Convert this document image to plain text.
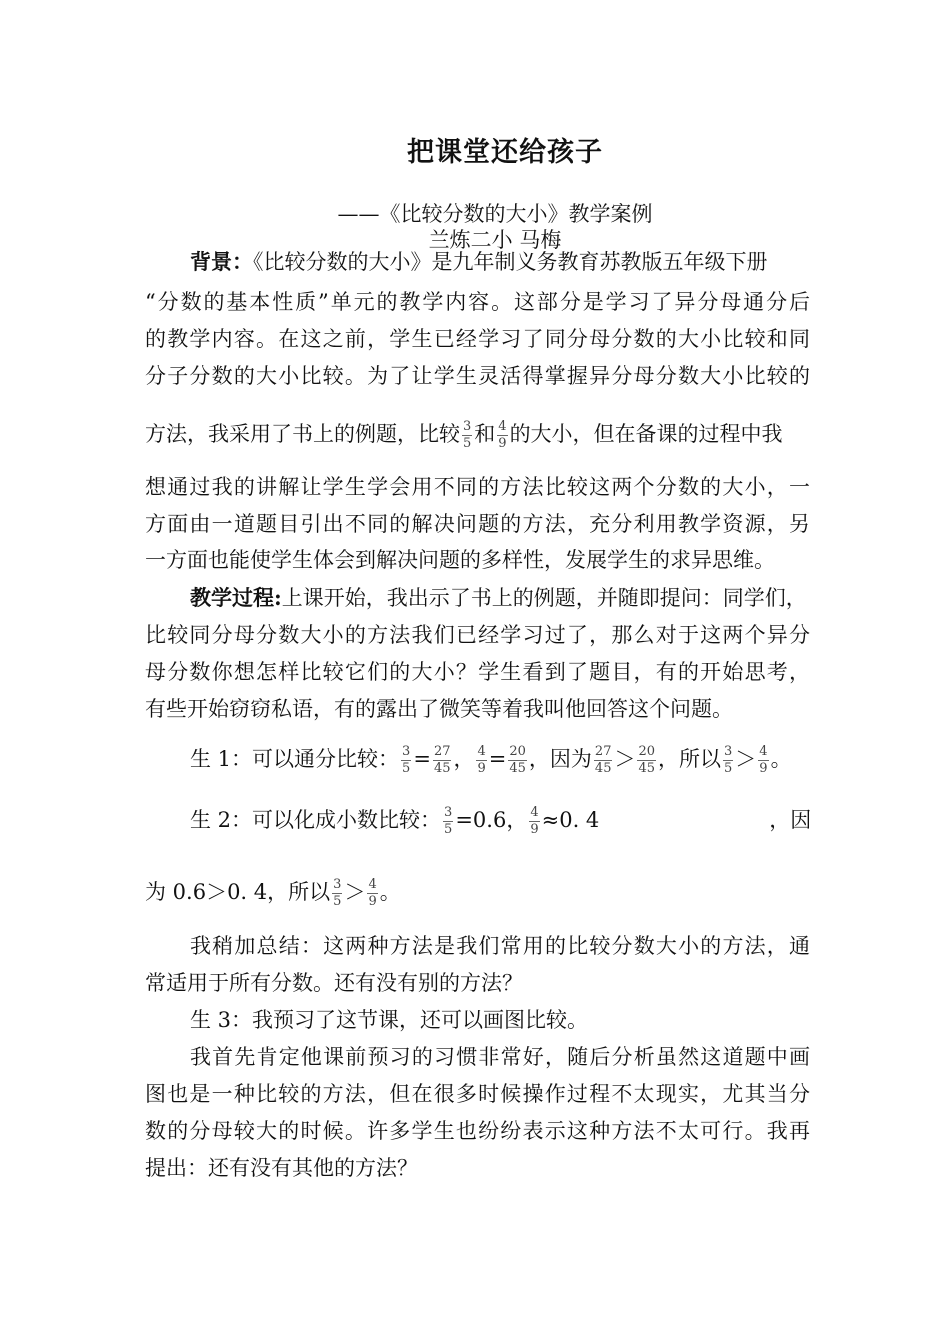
把课堂还给孩子
——《比较分数的大小》教学案例
兰炼二小 马梅
背景：《比较分数的大小》是九年制义务教育苏教版五年级下册
“分数的基本性质”单元的教学内容。这部分是学习了异分母通分后
的教学内容。在这之前，学生已经学习了同分母分数的大小比较和同
分子分数的大小比较。为了让学生灵活得掌握异分母分数大小比较的
方法，我采用了书上的例题，比较 $\frac{3}{5}$ 和 $\frac{4}{9}$ 的大小，但在备课的过程中我
想通过我的讲解让学生学会用不同的方法比较这两个分数的大小，一
方面由一道题目引出不同的解决问题的方法，充分利用教学资源，另
一方面也能使学生体会到解决问题的多样性，发展学生的求异思维。
教学过程:上课开始，我出示了书上的例题，并随即提问：同学们，
比较同分母分数大小的方法我们已经学习过了，那么对于这两个异分
母分数你想怎样比较它们的大小？学生看到了题目，有的开始思考，
有些开始窃窃私语，有的露出了微笑等着我叫他回答这个问题。
生 1：可以通分比较： $\frac{3}{5} = \frac{27}{45}$ ， $\frac{4}{9} = \frac{20}{45}$ ，因为 $\frac{27}{45} > \frac{20}{45}$ ，所以 $\frac{3}{5} > \frac{4}{9}$ 。
生 2：可以化成小数比较： $\frac{3}{5} =0.6$， $\frac{4}{9} \approx 0$. 4	，因
为 0.6＞0. 4，所以 $\frac{3}{5} > \frac{4}{9}$ 。
我稍加总结：这两种方法是我们常用的比较分数大小的方法，通
常适用于所有分数。还有没有别的方法？
生 3：我预习了这节课，还可以画图比较。
我首先肯定他课前预习的习惯非常好，随后分析虽然这道题中画
图也是一种比较的方法，但在很多时候操作过程不太现实，尤其当分
数的分母较大的时候。许多学生也纷纷表示这种方法不太可行。我再
提出：还有没有其他的方法？
